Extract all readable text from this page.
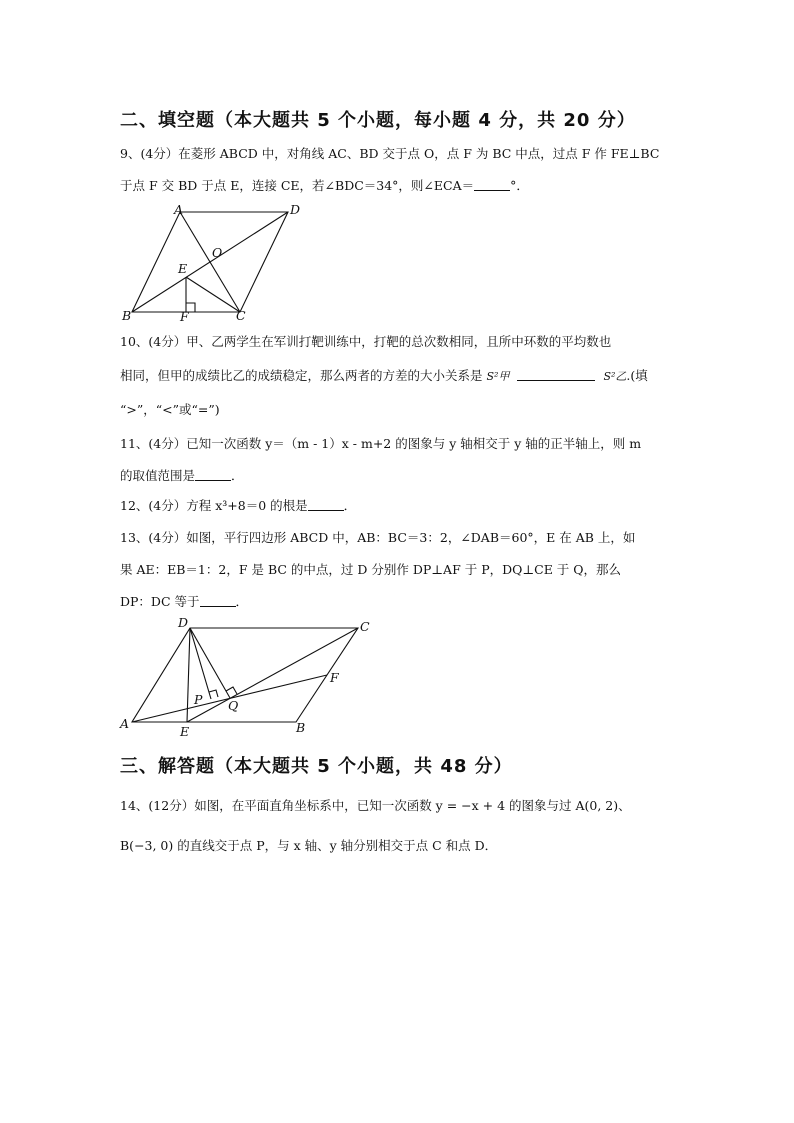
二、填空题（本大题共 5 个小题，每小题 4 分，共 20 分）
9、(4分）在菱形 ABCD 中，对角线 AC、BD 交于点 O，点 F 为 BC 中点，过点 F 作 FE⊥BC
于点 F 交 BD 于点 E，连接 CE，若∠BDC＝34°，则∠ECA＝	°．
A	D
O
E
B	F	C
10、(4分）甲、乙两学生在军训打靶训练中，打靶的总次数相同，且所中环数的平均数也
相同，但甲的成绩比乙的成绩稳定，那么两者的方差的大小关系是 S²甲	S²乙.(填
“>”，“<”或“=”)
11、(4分）已知一次函数 y＝（m - 1）x - m+2 的图象与 y 轴相交于 y 轴的正半轴上，则 m
的取值范围是	．
12、(4分）方程 x³+8＝0 的根是	．
13、(4分）如图，平行四边形 ABCD 中，AB：BC＝3：2，∠DAB＝60°，E 在 AB 上，如
果 AE：EB＝1：2，F 是 BC 的中点，过 D 分别作 DP⊥AF 于 P，DQ⊥CE 于 Q，那么
DP：DC 等于	．
D	C
F
P Q
A
E	B
三、解答题（本大题共 5 个小题，共 48 分）
14、(12分）如图，在平面直角坐标系中，已知一次函数 y = −x + 4 的图象与过 A(0, 2)、
B(−3, 0) 的直线交于点 P，与 x 轴、y 轴分别相交于点 C 和点 D．
